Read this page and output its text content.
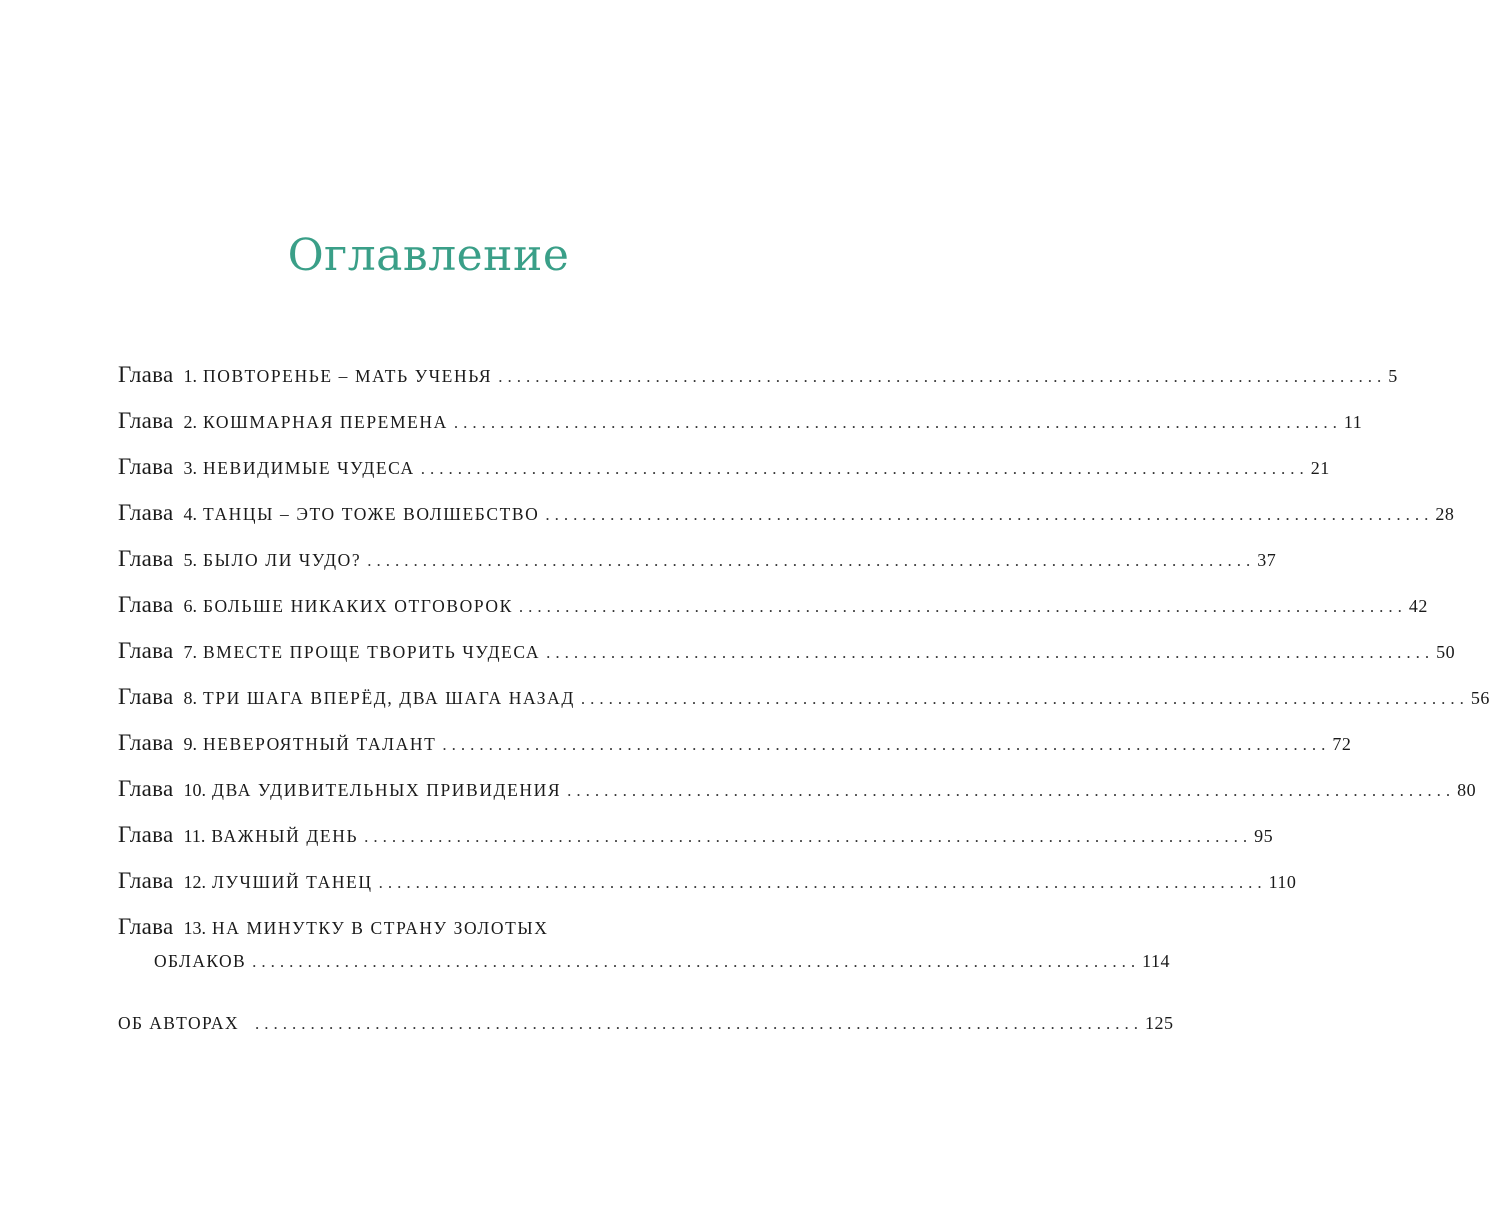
Оглавление
Глава 1. ПОВТОРЕНЬЕ – МАТЬ УЧЕНЬЯ ................................................................................................ 5
Глава 2. КОШМАРНАЯ ПЕРЕМЕНА ................................................................................................ 11
Глава 3. НЕВИДИМЫЕ ЧУДЕСА ................................................................................................ 21
Глава 4. ТАНЦЫ – ЭТО ТОЖЕ ВОЛШЕБСТВО ................................................................................................ 28
Глава 5. БЫЛО ЛИ ЧУДО? ................................................................................................ 37
Глава 6. БОЛЬШЕ НИКАКИХ ОТГОВОРОК ................................................................................................ 42
Глава 7. ВМЕСТЕ ПРОЩЕ ТВОРИТЬ ЧУДЕСА ................................................................................................ 50
Глава 8. ТРИ ШАГА ВПЕРЁД, ДВА ШАГА НАЗАД ................................................................................................ 56
Глава 9. НЕВЕРОЯТНЫЙ ТАЛАНТ ................................................................................................ 72
Глава 10. ДВА УДИВИТЕЛЬНЫХ ПРИВИДЕНИЯ ................................................................................................ 80
Глава 11. ВАЖНЫЙ ДЕНЬ ................................................................................................ 95
Глава 12. ЛУЧШИЙ ТАНЕЦ ................................................................................................ 110
Глава 13. НА МИНУТКУ В СТРАНУ ЗОЛОТЫХ
ОБЛАКОВ ................................................................................................ 114
ОБ АВТОРАХ ................................................................................................ 125
